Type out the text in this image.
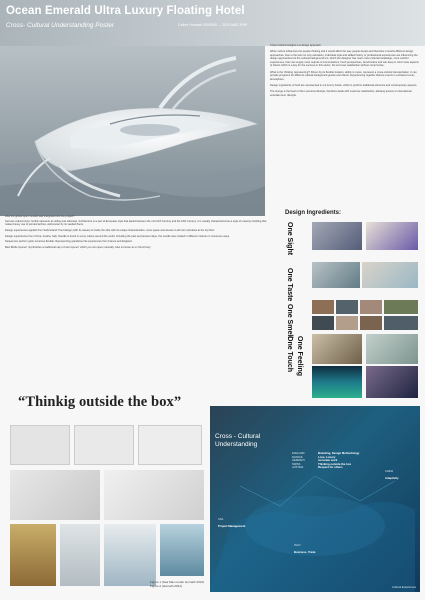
Ocean Emerald Ultra Luxury Floating Hotel
Cross- Cultural Understanding Poster	Celine Hornath 0000000 ... 2021 MAD PNP

Cross Cultural Insights is a design approach.

When culture influences the people thinking and it would affect the way people design and therefore it results different design approaches. Due to the fact not only education, individual style and skilled history or professional experiences are influencing the design approaches but the cultural background too, which the designer has more cross cultural knowledge, more colorful experiences, than can supply more outputs of conversations, fresh perspectives, benchmarks and can keep in mind more aspects of clients which is a key for the success in this sector, the end user satisfaction without compromise.

What is the 'thinking representing'? Driven by its flexible location, ability to move, represent a cross-cultural transportation. It can provide programs for different cultural background guests and clients. Experiencing together lifetime events in exclusive luxury atmosphere.

Design ingredients of both are represented in our luxury hotels, which is perform traditional elements and contemporary aspects.

The lounge is the heart of the Luxurious lifestyle, therefore deals with customer satisfaction, allowing access to international entertainment, lifestyle.

How the global open minded was integrated into the project?

German cultural input: Gothic elements at ceiling and staircase. Architecture is a part of European style that lasted between the mid 12th Century and the 16th Century. It is usually characterized as a style of masonry building that makes heavy use of pointed arches, well-known by its vaulted floors.

Design experiences applied from Switzerland: Pool design (with its waves) is inside the ship with its unique characteristics, more space and access to all room windows at the top floor.

Design experiences from China, Austria, Italy: Noodle is found in every culture around the world. Including the past and present days, the noodle was cooked in different cultures in numerous ways.

Sequences perform gold, luxurious flexible. Representing grandiose life experiences from France and England.

Best Bottle Opener: Symbolizes a traditional cap or boat 'opener' which you can open manually. Also is known as a 'church key'.

Design Ingredients:
One Sight
One Taste
One Smell
One Touch One Feeling
“Thinkig outside the box”
Cross - Cultural
Understanding
ENGLAND
FRANCE
GERMANY
SWISS
AUSTRIA
Branding, Design Methodology
Love, Luxury
Accurate work
Thinking outside the box
Respect for others
CHINA
Adaptivity
USA
Project Management
ITALY
Business, Trade
Cultural Experiences
Figure 1 (Sea Max render Hornath 2021)
Figure 2 (Hornath 2021)
